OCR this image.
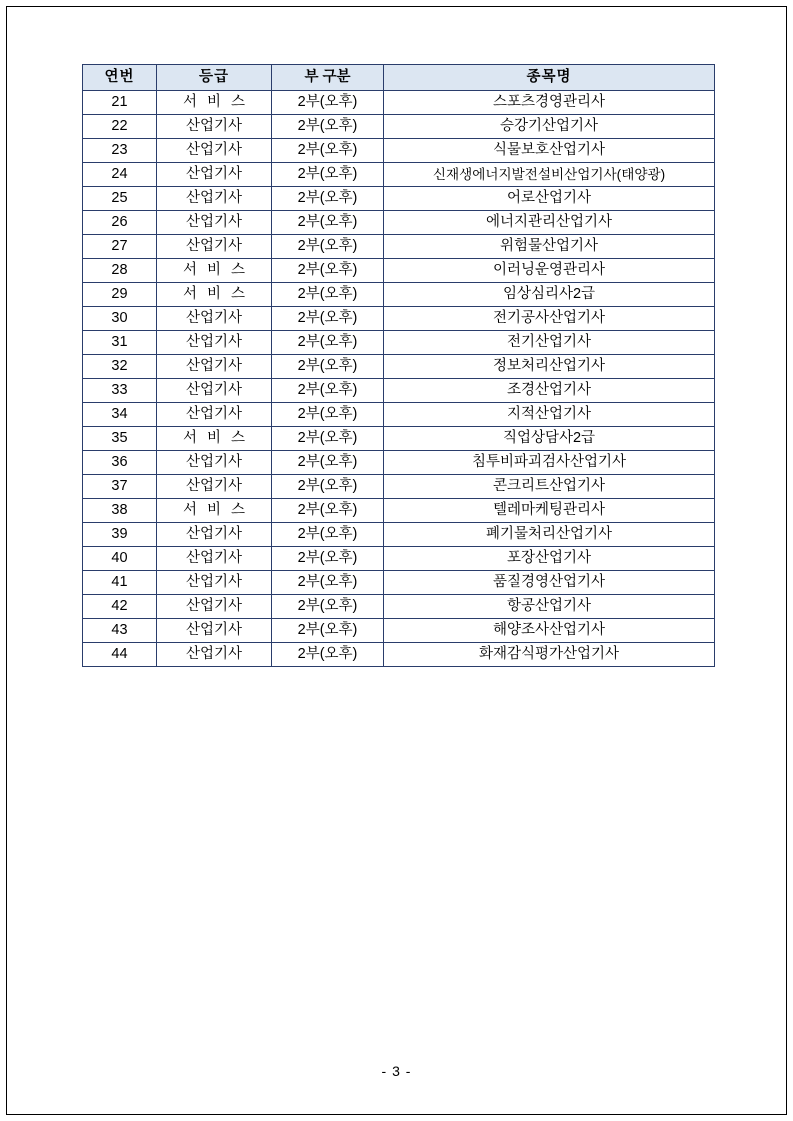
연번	등급	부 구분	종목명
21	서 비 스	2부(오후)	스포츠경영관리사
22	산업기사	2부(오후)	승강기산업기사
23	산업기사	2부(오후)	식물보호산업기사
24	산업기사	2부(오후)	신재생에너지발전설비산업기사(태양광)
25	산업기사	2부(오후)	어로산업기사
26	산업기사	2부(오후)	에너지관리산업기사
27	산업기사	2부(오후)	위험물산업기사
28	서 비 스	2부(오후)	이러닝운영관리사
29	서 비 스	2부(오후)	임상심리사2급
30	산업기사	2부(오후)	전기공사산업기사
31	산업기사	2부(오후)	전기산업기사
32	산업기사	2부(오후)	정보처리산업기사
33	산업기사	2부(오후)	조경산업기사
34	산업기사	2부(오후)	지적산업기사
35	서 비 스	2부(오후)	직업상담사2급
36	산업기사	2부(오후)	침투비파괴검사산업기사
37	산업기사	2부(오후)	콘크리트산업기사
38	서 비 스	2부(오후)	텔레마케팅관리사
39	산업기사	2부(오후)	폐기물처리산업기사
40	산업기사	2부(오후)	포장산업기사
41	산업기사	2부(오후)	품질경영산업기사
42	산업기사	2부(오후)	항공산업기사
43	산업기사	2부(오후)	해양조사산업기사
44	산업기사	2부(오후)	화재감식평가산업기사
- 3 -
